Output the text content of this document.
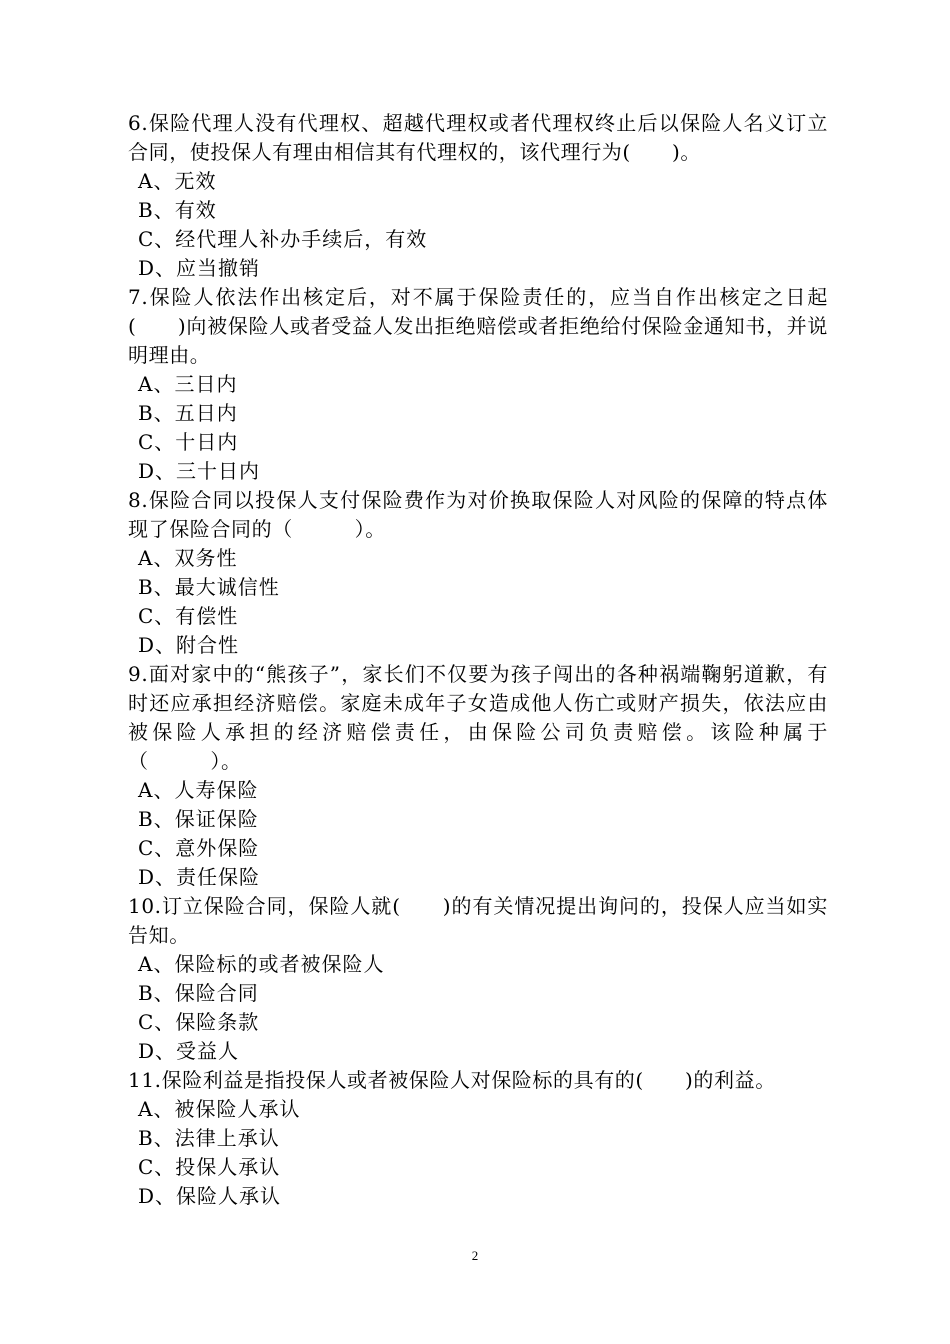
6.保险代理人没有代理权、超越代理权或者代理权终止后以保险人名义订立合同，使投保人有理由相信其有代理权的，该代理行为(　　)。

A、无效
B、有效
C、经代理人补办手续后，有效
D、应当撤销

7.保险人依法作出核定后，对不属于保险责任的，应当自作出核定之日起(　　)向被保险人或者受益人发出拒绝赔偿或者拒绝给付保险金通知书，并说明理由。

A、三日内
B、五日内
C、十日内
D、三十日内

8.保险合同以投保人支付保险费作为对价换取保险人对风险的保障的特点体现了保险合同的（　　　）。

A、双务性
B、最大诚信性
C、有偿性
D、附合性

9.面对家中的“熊孩子”，家长们不仅要为孩子闯出的各种祸端鞠躬道歉，有时还应承担经济赔偿。家庭未成年子女造成他人伤亡或财产损失，依法应由被保险人承担的经济赔偿责任，由保险公司负责赔偿。该险种属于（　　　）。

A、人寿保险
B、保证保险
C、意外保险
D、责任保险

10.订立保险合同，保险人就(　　)的有关情况提出询问的，投保人应当如实告知。

A、保险标的或者被保险人
B、保险合同
C、保险条款
D、受益人

11.保险利益是指投保人或者被保险人对保险标的具有的(　　)的利益。

A、被保险人承认
B、法律上承认
C、投保人承认
D、保险人承认
2
